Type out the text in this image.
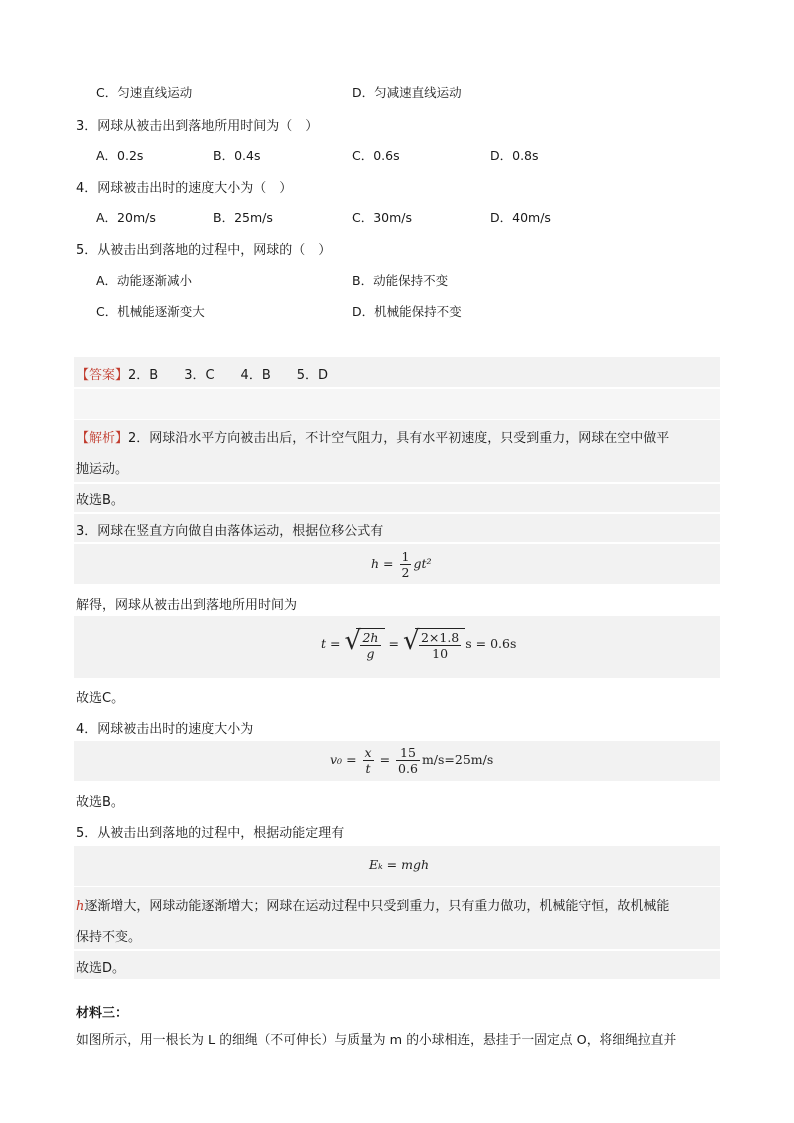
C．匀速直线运动	D．匀减速直线运动
3．网球从被击出到落地所用时间为（　）
A．0.2s	B．0.4s	C．0.6s	D．0.8s
4．网球被击出时的速度大小为（　）
A．20m/s	B．25m/s	C．30m/s	D．40m/s
5．从被击出到落地的过程中，网球的（　）
A．动能逐渐减小	B．动能保持不变
C．机械能逐渐变大	D．机械能保持不变
【答案】2．B　　3．C　　4．B　　5．D
【解析】2．网球沿水平方向被击出后，不计空气阻力，具有水平初速度，只受到重力，网球在空中做平
抛运动。
故选B。
3．网球在竖直方向做自由落体运动，根据位移公式有
$h = \frac{1}{2} gt^2$
解得，网球从被击出到落地所用时间为
t = √ $\frac{2h}{g}$ = √ $\frac{2\times 1.8}{10}$ s = 0.6s
故选C。
4．网球被击出时的速度大小为
$v_0 = \frac{x}{t} = \frac{15}{0.6} m/s=25m/s$
故选B。
5．从被击出到落地的过程中，根据动能定理有
Eₖ = mgh
h逐渐增大，网球动能逐渐增大；网球在运动过程中只受到重力，只有重力做功，机械能守恒，故机械能
保持不变。
故选D。
材料三：
如图所示，用一根长为 L 的细绳（不可伸长）与质量为 m 的小球相连，悬挂于一固定点 O，将细绳拉直并
